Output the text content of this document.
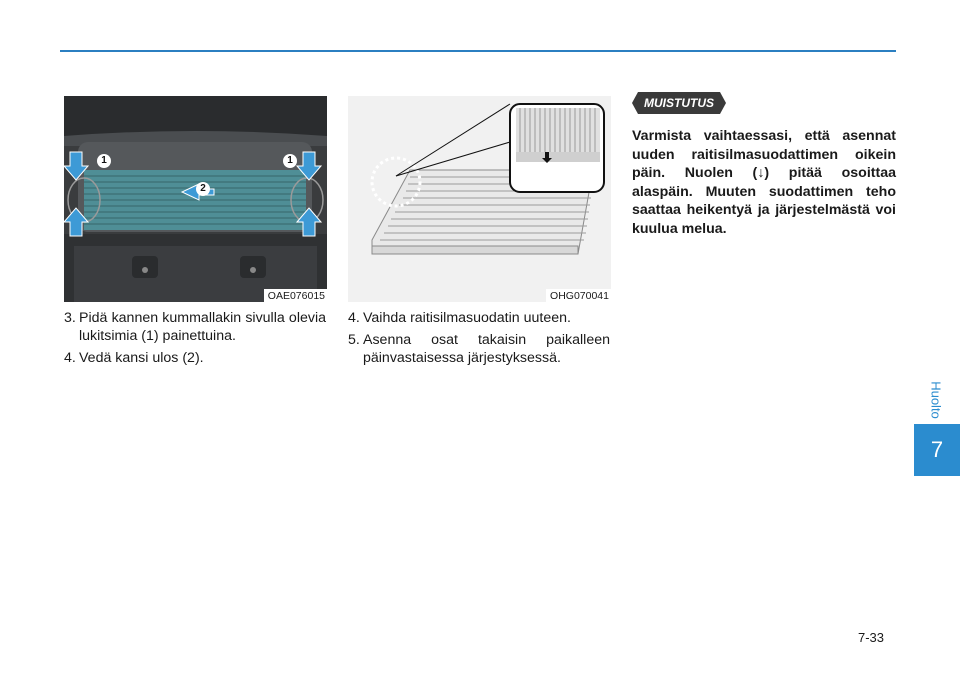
1	1
2
OAE076015	OHG070041
3. Pidä kannen kummallakin sivulla olevia lukitsimia (1) painettuina.
4. Vedä kansi ulos (2).
4. Vaihda raitisilmasuodatin uuteen.
5. Asenna osat takaisin paikalleen päinvastaisessa järjestyksessä.
MUISTUTUS

Varmista vaihtaessasi, että asennat uuden raitisilmasuodattimen oikein päin. Nuolen (↓) pitää osoittaa alaspäin. Muuten suodattimen teho saattaa heikentyä ja järjestelmästä voi kuulua melua.

Huolto
7
7-33
